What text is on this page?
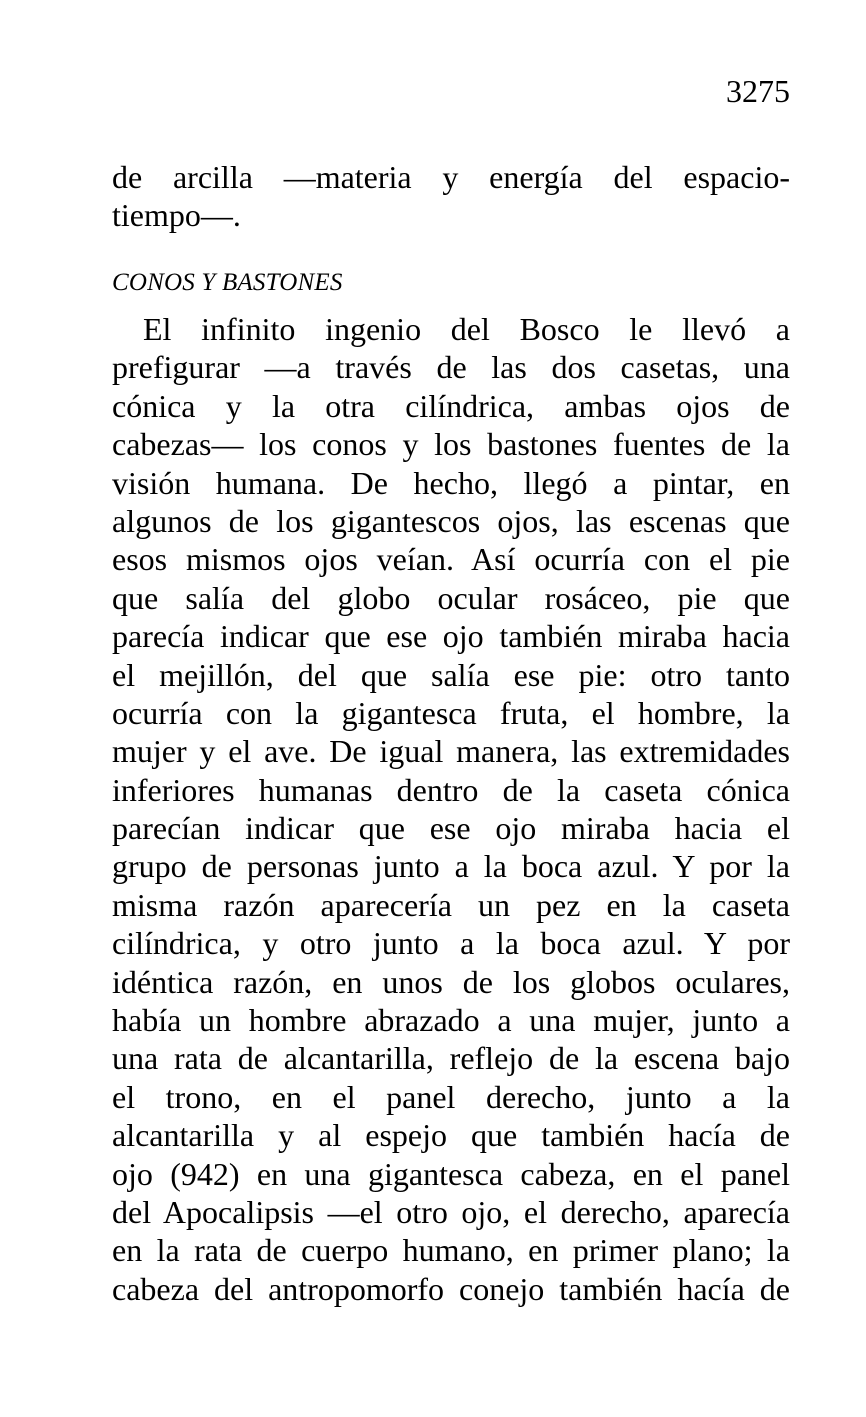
3275
de arcilla —materia y energía del espacio-
tiempo—.
CONOS Y BASTONES
El infinito ingenio del Bosco le llevó a
prefigurar —a través de las dos casetas, una
cónica y la otra cilíndrica, ambas ojos de
cabezas— los conos y los bastones fuentes de la
visión humana. De hecho, llegó a pintar, en
algunos de los gigantescos ojos, las escenas que
esos mismos ojos veían. Así ocurría con el pie
que salía del globo ocular rosáceo, pie que
parecía indicar que ese ojo también miraba hacia
el mejillón, del que salía ese pie: otro tanto
ocurría con la gigantesca fruta, el hombre, la
mujer y el ave. De igual manera, las extremidades
inferiores humanas dentro de la caseta cónica
parecían indicar que ese ojo miraba hacia el
grupo de personas junto a la boca azul. Y por la
misma razón aparecería un pez en la caseta
cilíndrica, y otro junto a la boca azul. Y por
idéntica razón, en unos de los globos oculares,
había un hombre abrazado a una mujer, junto a
una rata de alcantarilla, reflejo de la escena bajo
el trono, en el panel derecho, junto a la
alcantarilla y al espejo que también hacía de
ojo (942) en una gigantesca cabeza, en el panel
del Apocalipsis —el otro ojo, el derecho, aparecía
en la rata de cuerpo humano, en primer plano; la
cabeza del antropomorfo conejo también hacía de
